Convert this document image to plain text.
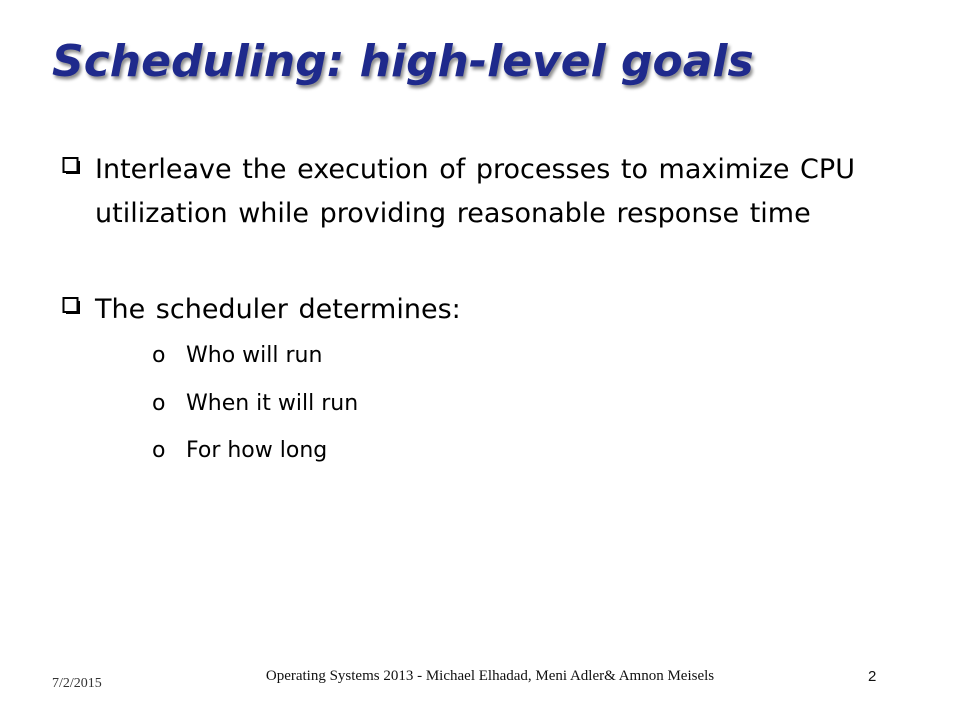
Scheduling: high-level goals
Interleave the execution of processes to maximize CPU utilization while providing reasonable response time
The scheduler determines:
o Who will run
o When it will run
o For how long
7/2/2015	Operating Systems 2013 - Michael Elhadad, Meni Adler& Amnon Meisels	2
